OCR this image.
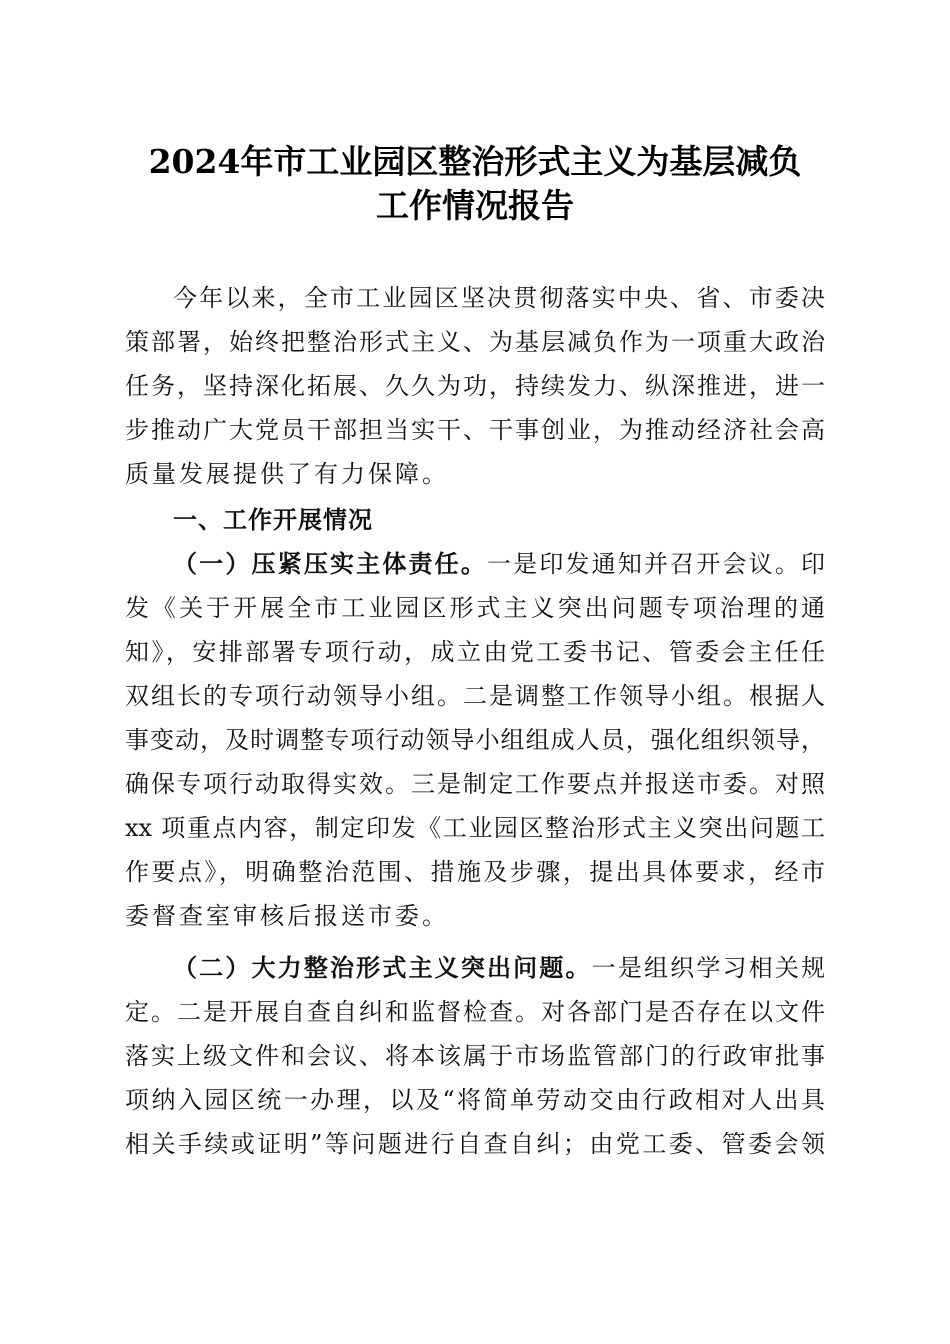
2024年市工业园区整治形式主义为基层减负
工作情况报告
今年以来，全市工业园区坚决贯彻落实中央、省、市委决
策部署，始终把整治形式主义、为基层减负作为一项重大政治
任务，坚持深化拓展、久久为功，持续发力、纵深推进，进一
步推动广大党员干部担当实干、干事创业，为推动经济社会高
质量发展提供了有力保障。
一、工作开展情况
（一）压紧压实主体责任。一是印发通知并召开会议。印
发《关于开展全市工业园区形式主义突出问题专项治理的通
知》，安排部署专项行动，成立由党工委书记、管委会主任任
双组长的专项行动领导小组。二是调整工作领导小组。根据人
事变动，及时调整专项行动领导小组组成人员，强化组织领导，
确保专项行动取得实效。三是制定工作要点并报送市委。对照
xx 项重点内容，制定印发《工业园区整治形式主义突出问题工
作要点》，明确整治范围、措施及步骤，提出具体要求，经市
委督查室审核后报送市委。
（二）大力整治形式主义突出问题。一是组织学习相关规
定。二是开展自查自纠和监督检查。对各部门是否存在以文件
落实上级文件和会议、将本该属于市场监管部门的行政审批事
项纳入园区统一办理，以及“将简单劳动交由行政相对人出具
相关手续或证明”等问题进行自查自纠；由党工委、管委会领
